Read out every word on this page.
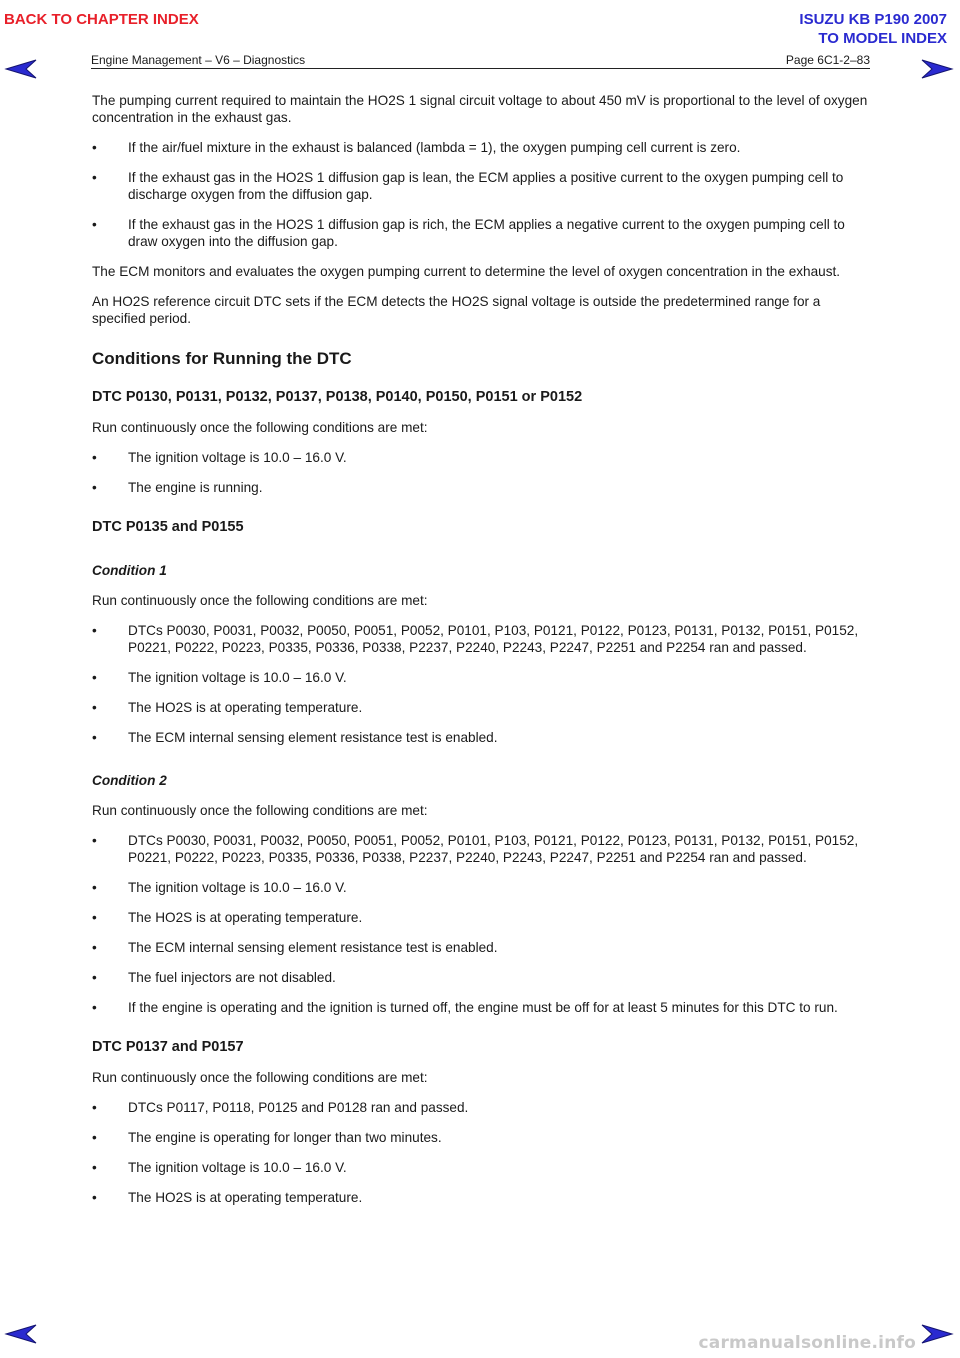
BACK TO CHAPTER INDEX	ISUZU KB P190 2007
TO MODEL INDEX
Engine Management – V6 – Diagnostics	Page 6C1-2–83

The pumping current required to maintain the HO2S 1 signal circuit voltage to about 450 mV is proportional to the level of oxygen concentration in the exhaust gas.

• If the air/fuel mixture in the exhaust is balanced (lambda = 1), the oxygen pumping cell current is zero.
• If the exhaust gas in the HO2S 1 diffusion gap is lean, the ECM applies a positive current to the oxygen pumping cell to discharge oxygen from the diffusion gap.
• If the exhaust gas in the HO2S 1 diffusion gap is rich, the ECM applies a negative current to the oxygen pumping cell to draw oxygen into the diffusion gap.

The ECM monitors and evaluates the oxygen pumping current to determine the level of oxygen concentration in the exhaust.

An HO2S reference circuit DTC sets if the ECM detects the HO2S signal voltage is outside the predetermined range for a specified period.

Conditions for Running the DTC
DTC P0130, P0131, P0132, P0137, P0138, P0140, P0150, P0151 or P0152

Run continuously once the following conditions are met:

• The ignition voltage is 10.0 – 16.0 V.
• The engine is running.
DTC P0135 and P0155
Condition 1

Run continuously once the following conditions are met:

• DTCs P0030, P0031, P0032, P0050, P0051, P0052, P0101, P103, P0121, P0122, P0123, P0131, P0132, P0151, P0152, P0221, P0222, P0223, P0335, P0336, P0338, P2237, P2240, P2243, P2247, P2251 and P2254 ran and passed.
• The ignition voltage is 10.0 – 16.0 V.
• The HO2S is at operating temperature.
• The ECM internal sensing element resistance test is enabled.
Condition 2

Run continuously once the following conditions are met:

• DTCs P0030, P0031, P0032, P0050, P0051, P0052, P0101, P103, P0121, P0122, P0123, P0131, P0132, P0151, P0152, P0221, P0222, P0223, P0335, P0336, P0338, P2237, P2240, P2243, P2247, P2251 and P2254 ran and passed.
• The ignition voltage is 10.0 – 16.0 V.
• The HO2S is at operating temperature.
• The ECM internal sensing element resistance test is enabled.
• The fuel injectors are not disabled.
• If the engine is operating and the ignition is turned off, the engine must be off for at least 5 minutes for this DTC to run.
DTC P0137 and P0157

Run continuously once the following conditions are met:

• DTCs P0117, P0118, P0125 and P0128 ran and passed.
• The engine is operating for longer than two minutes.
• The ignition voltage is 10.0 – 16.0 V.
• The HO2S is at operating temperature.
carmanualsonline.info
